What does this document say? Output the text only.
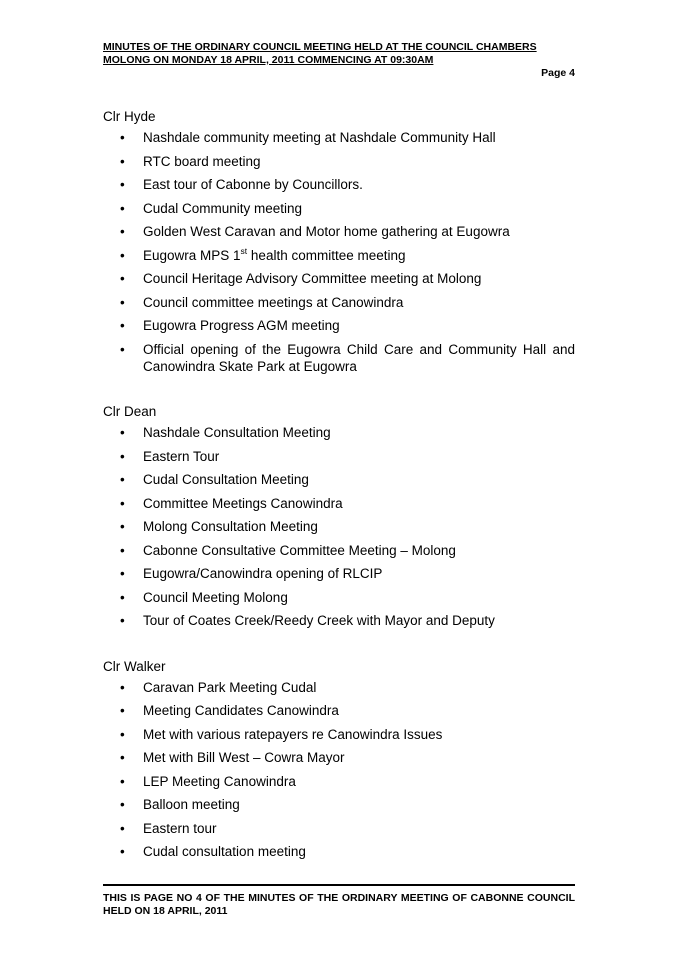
MINUTES OF THE ORDINARY COUNCIL MEETING HELD AT THE COUNCIL CHAMBERS

MOLONG ON MONDAY 18 APRIL, 2011 COMMENCING AT 09:30AM

Page 4

Clr Hyde

• Nashdale community meeting at Nashdale Community Hall
• RTC board meeting
• East tour of Cabonne by Councillors.
• Cudal Community meeting
• Golden West Caravan and Motor home gathering at Eugowra
• Eugowra MPS 1st health committee meeting
• Council Heritage Advisory Committee meeting at Molong
• Council committee meetings at Canowindra
• Eugowra Progress AGM meeting
• Official opening of the Eugowra Child Care and Community Hall and Canowindra Skate Park at Eugowra

Clr Dean

• Nashdale Consultation Meeting
• Eastern Tour
• Cudal Consultation Meeting
• Committee Meetings Canowindra
• Molong Consultation Meeting
• Cabonne Consultative Committee Meeting – Molong
• Eugowra/Canowindra opening of RLCIP
• Council Meeting Molong
• Tour of Coates Creek/Reedy Creek with Mayor and Deputy

Clr Walker

• Caravan Park Meeting Cudal
• Meeting Candidates Canowindra
• Met with various ratepayers re Canowindra Issues
• Met with Bill West – Cowra Mayor
• LEP Meeting Canowindra
• Balloon meeting
• Eastern tour
• Cudal consultation meeting

THIS IS PAGE NO 4 OF THE MINUTES OF THE ORDINARY MEETING OF CABONNE COUNCIL HELD ON 18 APRIL, 2011
